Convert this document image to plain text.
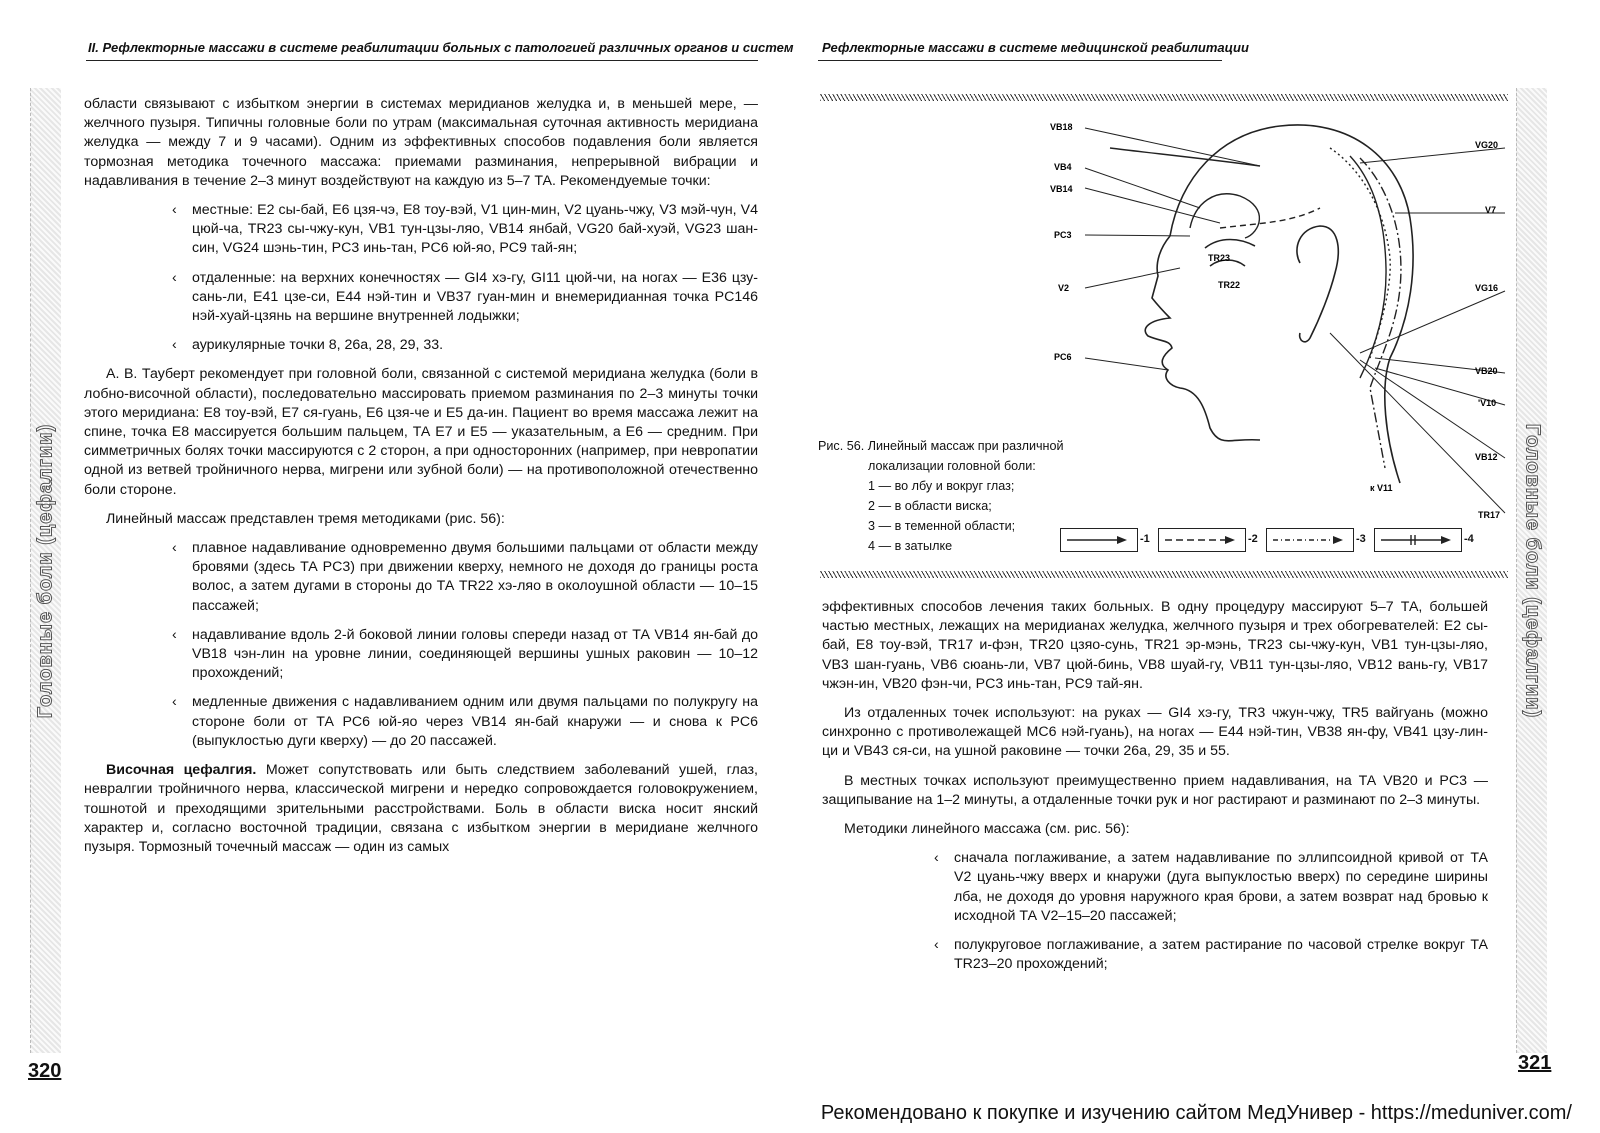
II. Рефлекторные массажи в системе реабилитации больных с патологией различных органов и систем
Головные боли (цефалгии)

области связывают с избытком энергии в системах меридианов желудка и, в меньшей мере, — желчного пузыря. Типичны головные боли по утрам (максимальная суточная активность меридиана желудка — между 7 и 9 часами). Одним из эффективных способов подавления боли является тормозная методика точечного массажа: приемами разминания, непрерывной вибрации и надавливания в течение 2–3 минут воздействуют на каждую из 5–7 ТА. Рекомендуемые точки:

‹ местные: E2 сы-бай, E6 цзя-чэ, E8 тоу-вэй, V1 цин-мин, V2 цуань-чжу, V3 мэй-чун, V4 цюй-ча, TR23 сы-чжу-кун, VB1 тун-цзы-ляо, VB14 янбай, VG20 бай-хуэй, VG23 шан-син, VG24 шэнь-тин, PC3 инь-тан, PC6 юй-яо, PC9 тай-ян;
‹ отдаленные: на верхних конечностях — GI4 хэ-гу, GI11 цюй-чи, на ногах — E36 цзу-сань-ли, E41 цзе-си, E44 нэй-тин и VB37 гуан-мин и внемеридианная точка PC146 нэй-хуай-цзянь на вершине внутренней лодыжки;
‹ аурикулярные точки 8, 26а, 28, 29, 33.

А. В. Тауберт рекомендует при головной боли, связанной с системой меридиана желудка (боли в лобно-височной области), последовательно массировать приемом разминания по 2–3 минуты точки этого меридиана: E8 тоу-вэй, E7 ся-гуань, E6 цзя-че и E5 да-ин. Пациент во время массажа лежит на спине, точка E8 массируется большим пальцем, ТА E7 и E5 — указательным, а E6 — средним. При симметричных болях точки массируются с 2 сторон, а при односторонних (например, при невропатии одной из ветвей тройничного нерва, мигрени или зубной боли) — на противоположной отечественно боли стороне.

Линейный массаж представлен тремя методиками (рис. 56):

‹ плавное надавливание одновременно двумя большими пальцами от области между бровями (здесь ТА PC3) при движении кверху, немного не доходя до границы роста волос, а затем дугами в стороны до ТА TR22 хэ-ляо в околоушной области — 10–15 пассажей;
‹ надавливание вдоль 2-й боковой линии головы спереди назад от ТА VB14 ян-бай до VB18 чэн-лин на уровне линии, соединяющей вершины ушных раковин — 10–12 прохождений;
‹ медленные движения с надавливанием одним или двумя пальцами по полукругу на стороне боли от ТА PC6 юй-яо через VB14 ян-бай кнаружи — и снова к PC6 (выпуклостью дуги кверху) — до 20 пассажей.

Височная цефалгия. Может сопутствовать или быть следствием заболеваний ушей, глаз, невралгии тройничного нерва, классической мигрени и нередко сопровождается головокружением, тошнотой и преходящими зрительными расстройствами. Боль в области виска носит янский характер и, согласно восточной традиции, связана с избытком энергии в меридиане желчного пузыря. Тормозный точечный массаж — один из самых

320
Рефлекторные массажи в системе медицинской реабилитации
Головные боли (цефалгии)
VB18
VB4
VB14
PC3
V2
PC6
TR23
TR22
VG20
V7
VG16
VB20
'V10
VB12
TR17
к V11
Рис. 56. Линейный массаж при различной
локализации головной боли:
1 — во лбу и вокруг глаз;
2 — в области виска;
3 — в теменной области;
4 — в затылке	-1	-2	-3	-4

эффективных способов лечения таких больных. В одну процедуру массируют 5–7 ТА, большей частью местных, лежащих на меридианах желудка, желчного пузыря и трех обогревателей: E2 сы-бай, E8 тоу-вэй, TR17 и-фэн, TR20 цзяо-сунь, TR21 эр-мэнь, TR23 сы-чжу-кун, VB1 тун-цзы-ляо, VB3 шан-гуань, VB6 сюань-ли, VB7 цюй-бинь, VB8 шуай-гу, VB11 тун-цзы-ляо, VB12 вань-гу, VB17 чжэн-ин, VB20 фэн-чи, PC3 инь-тан, PC9 тай-ян.

Из отдаленных точек используют: на руках — GI4 хэ-гу, TR3 чжун-чжу, TR5 вайгуань (можно синхронно с противолежащей MC6 нэй-гуань), на ногах — E44 нэй-тин, VB38 ян-фу, VB41 цзу-лин-ци и VB43 ся-си, на ушной раковине — точки 26а, 29, 35 и 55.

В местных точках используют преимущественно прием надавливания, на ТА VB20 и PC3 — защипывание на 1–2 минуты, а отдаленные точки рук и ног растирают и разминают по 2–3 минуты.

Методики линейного массажа (см. рис. 56):

‹ сначала поглаживание, а затем надавливание по эллипсоидной кривой от ТА V2 цуань-чжу вверх и кнаружи (дуга выпуклостью вверх) по середине ширины лба, не доходя до уровня наружного края брови, а затем возврат над бровью к исходной ТА V2–15–20 пассажей;
‹ полукруговое поглаживание, а затем растирание по часовой стрелке вокруг ТА TR23–20 прохождений;
321
Рекомендовано к покупке и изучению сайтом МедУнивер - https://meduniver.com/
